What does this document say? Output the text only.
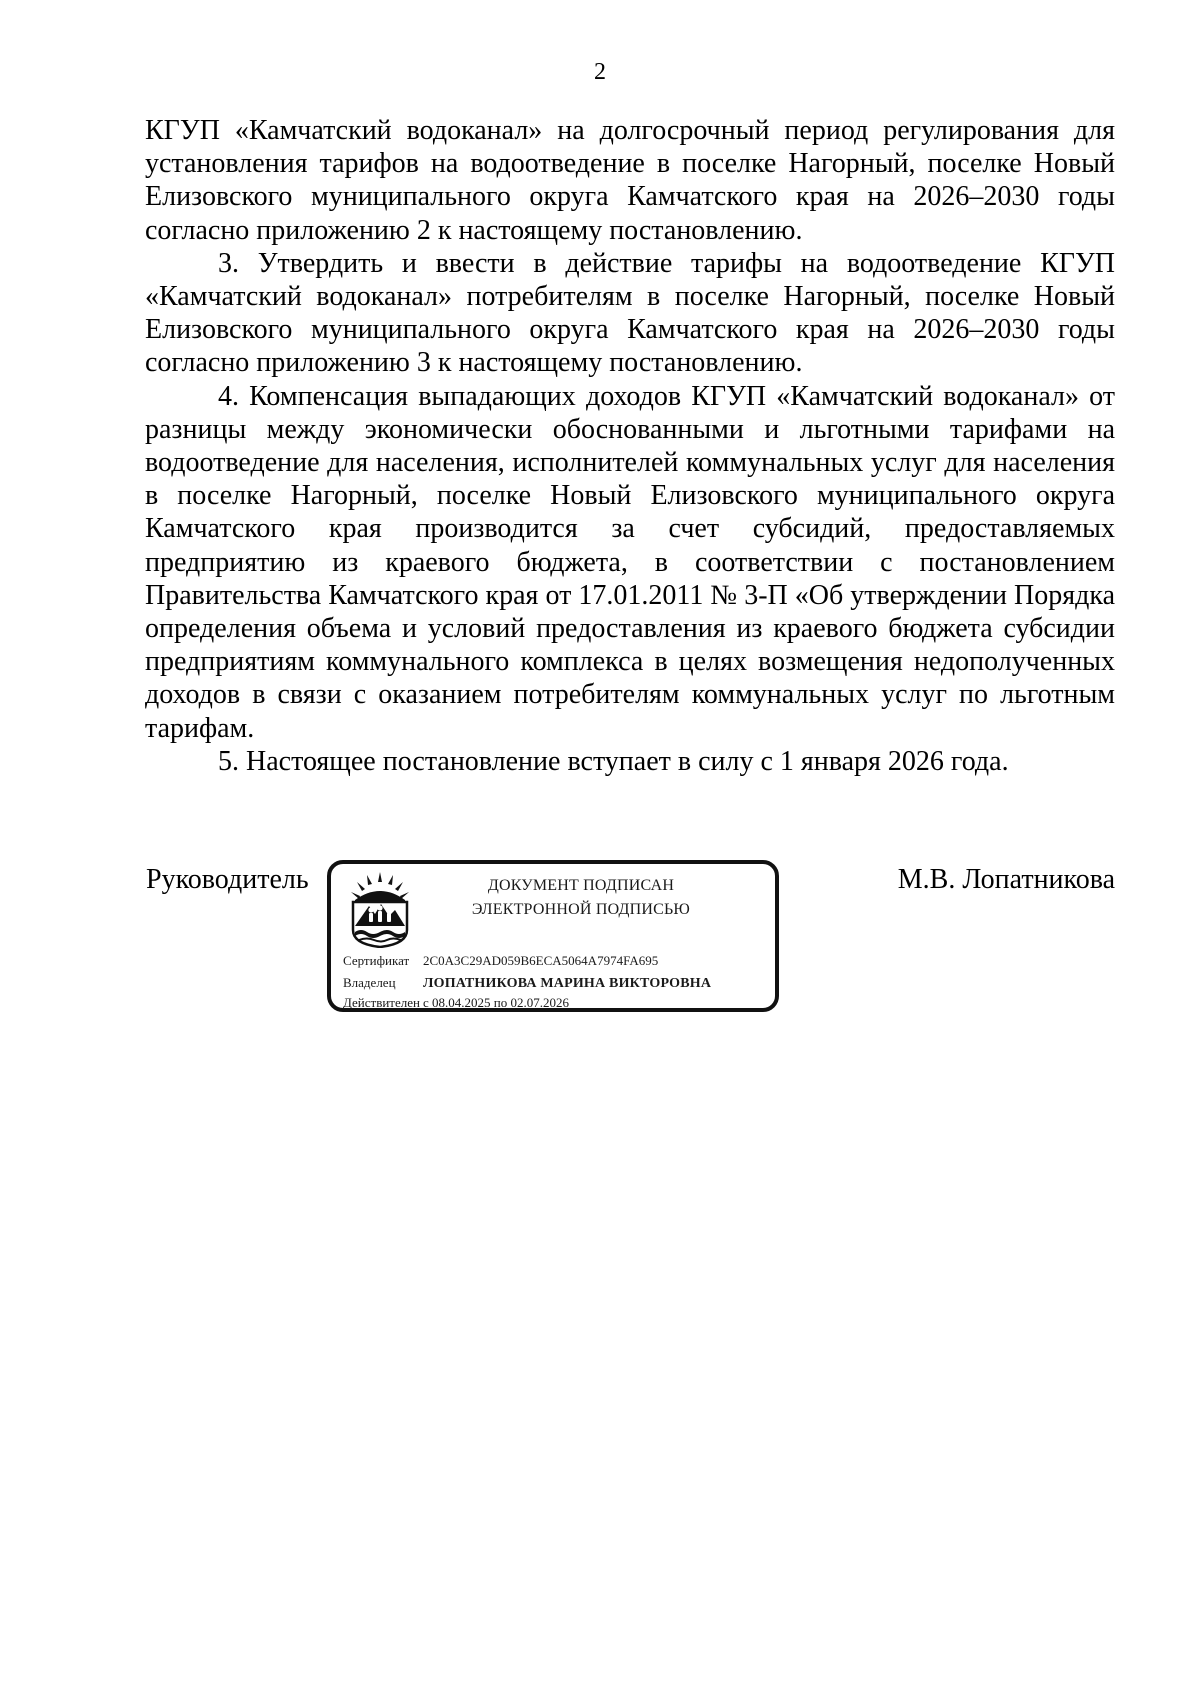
2

КГУП «Камчатский водоканал» на долгосрочный период регулирования для установления тарифов на водоотведение в поселке Нагорный, поселке Новый Елизовского муниципального округа Камчатского края на 2026–2030 годы согласно приложению 2 к настоящему постановлению.

3. Утвердить и ввести в действие тарифы на водоотведение КГУП «Камчатский водоканал» потребителям в поселке Нагорный, поселке Новый Елизовского муниципального округа Камчатского края на 2026–2030 годы согласно приложению 3 к настоящему постановлению.

4. Компенсация выпадающих доходов КГУП «Камчатский водоканал» от разницы между экономически обоснованными и льготными тарифами на водоотведение для населения, исполнителей коммунальных услуг для населения в поселке Нагорный, поселке Новый Елизовского муниципального округа Камчатского края производится за счет субсидий, предоставляемых предприятию из краевого бюджета, в соответствии с постановлением Правительства Камчатского края от 17.01.2011 № 3-П «Об утверждении Порядка определения объема и условий предоставления из краевого бюджета субсидии предприятиям коммунального комплекса в целях возмещения недополученных доходов в связи с оказанием потребителям коммунальных услуг по льготным тарифам.

5. Настоящее постановление вступает в силу с 1 января 2026 года.

Руководитель	ДОКУМЕНТ ПОДПИСАН
ЭЛЕКТРОННОЙ ПОДПИСЬЮ
Сертификат 2C0A3C29AD059B6ECA5064A7974FA695
Владелец ЛОПАТНИКОВА МАРИНА ВИКТОРОВНА
Действителен с 08.04.2025 по 02.07.2026
М.В. Лопатникова
